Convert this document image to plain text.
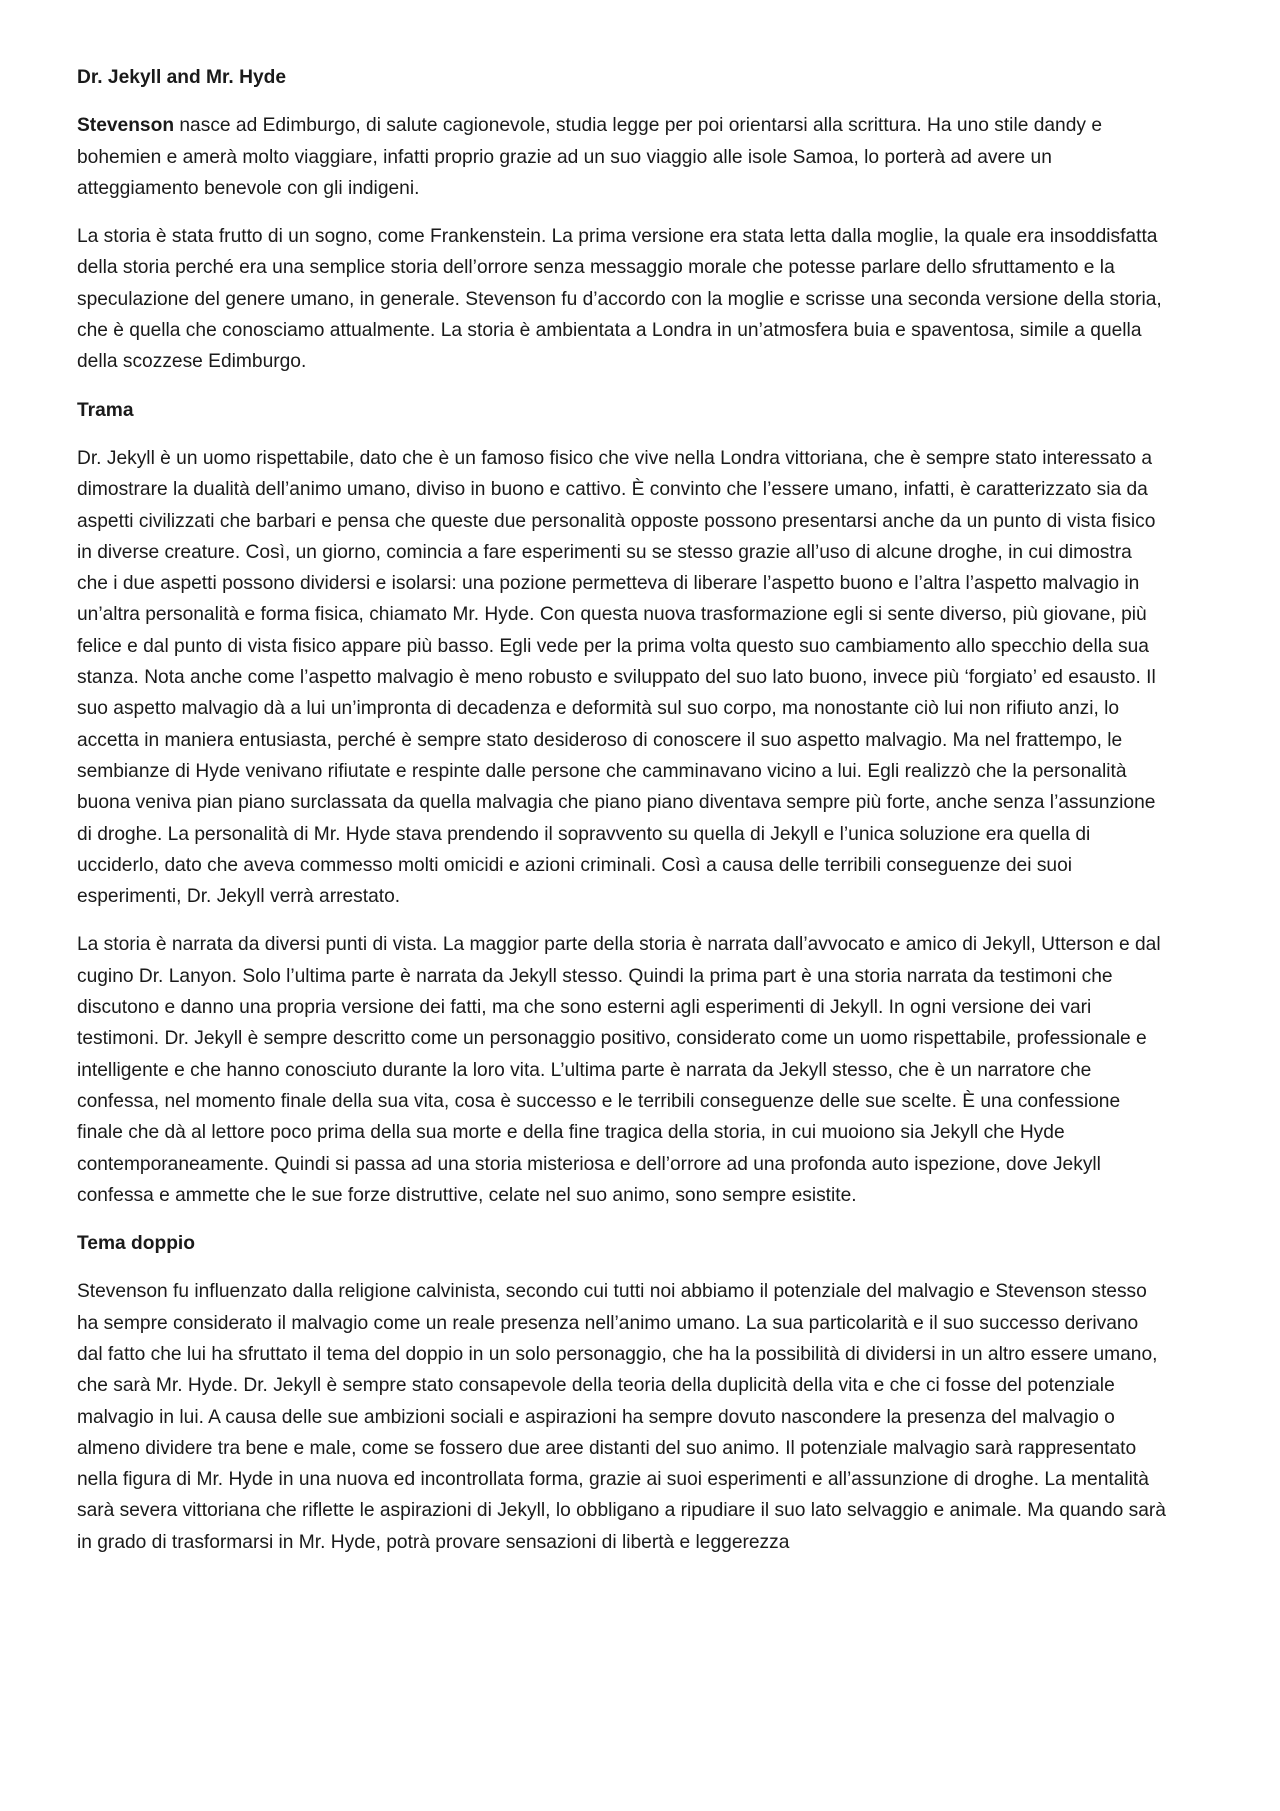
Dr. Jekyll and Mr. Hyde

Stevenson nasce ad Edimburgo, di salute cagionevole, studia legge per poi orientarsi alla scrittura. Ha uno stile dandy e bohemien e amerà molto viaggiare, infatti proprio grazie ad un suo viaggio alle isole Samoa, lo porterà ad avere un atteggiamento benevole con gli indigeni.

La storia è stata frutto di un sogno, come Frankenstein. La prima versione era stata letta dalla moglie, la quale era insoddisfatta della storia perché era una semplice storia dell’orrore senza messaggio morale che potesse parlare dello sfruttamento e la speculazione del genere umano, in generale. Stevenson fu d’accordo con la moglie e scrisse una seconda versione della storia, che è quella che conosciamo attualmente. La storia è ambientata a Londra in un’atmosfera buia e spaventosa, simile a quella della scozzese Edimburgo.

Trama

Dr. Jekyll è un uomo rispettabile, dato che è un famoso fisico che vive nella Londra vittoriana, che è sempre stato interessato a dimostrare la dualità dell’animo umano, diviso in buono e cattivo. È convinto che l’essere umano, infatti, è caratterizzato sia da aspetti civilizzati che barbari e pensa che queste due personalità opposte possono presentarsi anche da un punto di vista fisico in diverse creature. Così, un giorno, comincia a fare esperimenti su se stesso grazie all’uso di alcune droghe, in cui dimostra che i due aspetti possono dividersi e isolarsi: una pozione permetteva di liberare l’aspetto buono e l’altra l’aspetto malvagio in un’altra personalità e forma fisica, chiamato Mr. Hyde. Con questa nuova trasformazione egli si sente diverso, più giovane, più felice e dal punto di vista fisico appare più basso. Egli vede per la prima volta questo suo cambiamento allo specchio della sua stanza. Nota anche come l’aspetto malvagio è meno robusto e sviluppato del suo lato buono, invece più ‘forgiato’ ed esausto. Il suo aspetto malvagio dà a lui un’impronta di decadenza e deformità sul suo corpo, ma nonostante ciò lui non rifiuto anzi, lo accetta in maniera entusiasta, perché è sempre stato desideroso di conoscere il suo aspetto malvagio. Ma nel frattempo, le sembianze di Hyde venivano rifiutate e respinte dalle persone che camminavano vicino a lui. Egli realizzò che la personalità buona veniva pian piano surclassata da quella malvagia che piano piano diventava sempre più forte, anche senza l’assunzione di droghe. La personalità di Mr. Hyde stava prendendo il sopravvento su quella di Jekyll e l’unica soluzione era quella di ucciderlo, dato che aveva commesso molti omicidi e azioni criminali. Così a causa delle terribili conseguenze dei suoi esperimenti, Dr. Jekyll verrà arrestato.

La storia è narrata da diversi punti di vista. La maggior parte della storia è narrata dall’avvocato e amico di Jekyll, Utterson e dal cugino Dr. Lanyon. Solo l’ultima parte è narrata da Jekyll stesso. Quindi la prima part è una storia narrata da testimoni che discutono e danno una propria versione dei fatti, ma che sono esterni agli esperimenti di Jekyll. In ogni versione dei vari testimoni. Dr. Jekyll è sempre descritto come un personaggio positivo, considerato come un uomo rispettabile, professionale e intelligente e che hanno conosciuto durante la loro vita. L’ultima parte è narrata da Jekyll stesso, che è un narratore che confessa, nel momento finale della sua vita, cosa è successo e le terribili conseguenze delle sue scelte. È una confessione finale che dà al lettore poco prima della sua morte e della fine tragica della storia, in cui muoiono sia Jekyll che Hyde contemporaneamente. Quindi si passa ad una storia misteriosa e dell’orrore ad una profonda auto ispezione, dove Jekyll confessa e ammette che le sue forze distruttive, celate nel suo animo, sono sempre esistite.

Tema doppio

Stevenson fu influenzato dalla religione calvinista, secondo cui tutti noi abbiamo il potenziale del malvagio e Stevenson stesso ha sempre considerato il malvagio come un reale presenza nell’animo umano. La sua particolarità e il suo successo derivano dal fatto che lui ha sfruttato il tema del doppio in un solo personaggio, che ha la possibilità di dividersi in un altro essere umano, che sarà Mr. Hyde. Dr. Jekyll è sempre stato consapevole della teoria della duplicità della vita e che ci fosse del potenziale malvagio in lui. A causa delle sue ambizioni sociali e aspirazioni ha sempre dovuto nascondere la presenza del malvagio o almeno dividere tra bene e male, come se fossero due aree distanti del suo animo. Il potenziale malvagio sarà rappresentato nella figura di Mr. Hyde in una nuova ed incontrollata forma, grazie ai suoi esperimenti e all’assunzione di droghe. La mentalità sarà severa vittoriana che riflette le aspirazioni di Jekyll, lo obbligano a ripudiare il suo lato selvaggio e animale. Ma quando sarà in grado di trasformarsi in Mr. Hyde, potrà provare sensazioni di libertà e leggerezza
